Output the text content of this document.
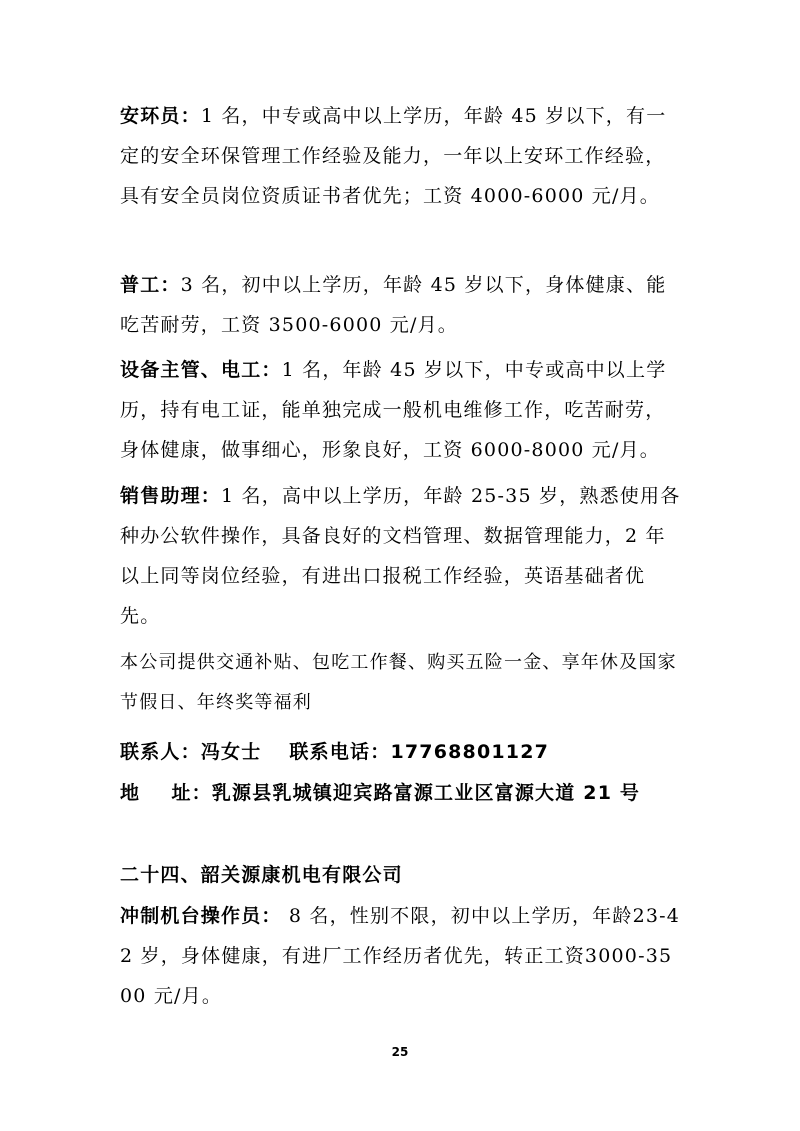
安环员：1 名，中专或高中以上学历，年龄 45 岁以下，有一定的安全环保管理工作经验及能力，一年以上安环工作经验，具有安全员岗位资质证书者优先；工资 4000-6000 元/月。
普工：3 名，初中以上学历，年龄 45 岁以下，身体健康、能吃苦耐劳，工资 3500-6000 元/月。
设备主管、电工：1 名，年龄 45 岁以下，中专或高中以上学历，持有电工证，能单独完成一般机电维修工作，吃苦耐劳，身体健康，做事细心，形象良好，工资 6000-8000 元/月。
销售助理：1 名，高中以上学历，年龄 25-35 岁，熟悉使用各种办公软件操作，具备良好的文档管理、数据管理能力，2 年以上同等岗位经验，有进出口报税工作经验，英语基础者优先。
本公司提供交通补贴、包吃工作餐、购买五险一金、享年休及国家节假日、年终奖等福利
联系人：冯女士 联系电话：17768801127
地    址：乳源县乳城镇迎宾路富源工业区富源大道 21 号
二十四、韶关源康机电有限公司
冲制机台操作员： 8 名，性别不限，初中以上学历，年龄23-42 岁，身体健康，有进厂工作经历者优先，转正工资3000-3500 元/月。
25
